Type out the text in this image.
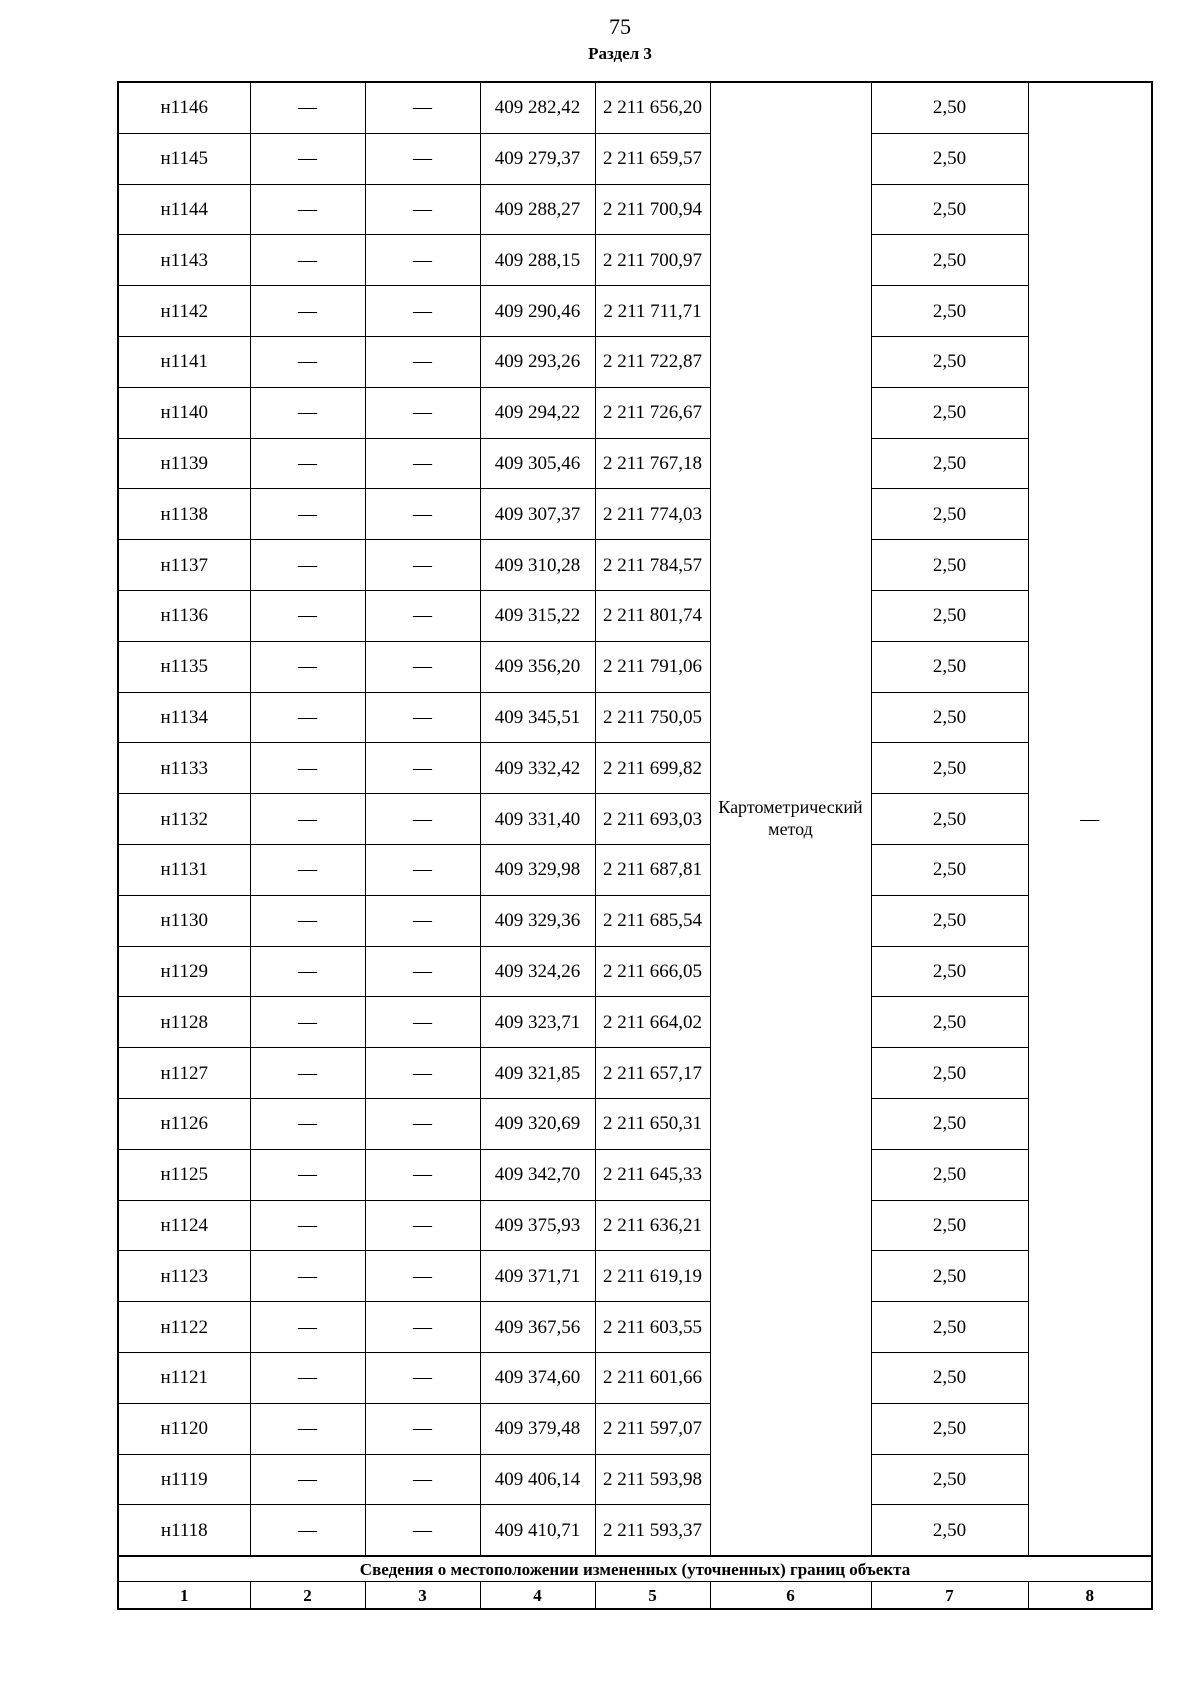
75
Раздел 3
н1146	—	—	409 282,42	2 211 656,20	Картометрический метод	2,50	—
н1145	—	—	409 279,37	2 211 659,57		2,50	
н1144	—	—	409 288,27	2 211 700,94		2,50	
н1143	—	—	409 288,15	2 211 700,97		2,50	
н1142	—	—	409 290,46	2 211 711,71		2,50	
н1141	—	—	409 293,26	2 211 722,87		2,50	
н1140	—	—	409 294,22	2 211 726,67		2,50	
н1139	—	—	409 305,46	2 211 767,18		2,50	
н1138	—	—	409 307,37	2 211 774,03		2,50	
н1137	—	—	409 310,28	2 211 784,57		2,50	
н1136	—	—	409 315,22	2 211 801,74		2,50	
н1135	—	—	409 356,20	2 211 791,06		2,50	
н1134	—	—	409 345,51	2 211 750,05		2,50	
н1133	—	—	409 332,42	2 211 699,82		2,50	
н1132	—	—	409 331,40	2 211 693,03		2,50	
н1131	—	—	409 329,98	2 211 687,81		2,50	
н1130	—	—	409 329,36	2 211 685,54		2,50	
н1129	—	—	409 324,26	2 211 666,05		2,50	
н1128	—	—	409 323,71	2 211 664,02		2,50	
н1127	—	—	409 321,85	2 211 657,17		2,50	
н1126	—	—	409 320,69	2 211 650,31		2,50	
н1125	—	—	409 342,70	2 211 645,33		2,50	
н1124	—	—	409 375,93	2 211 636,21		2,50	
н1123	—	—	409 371,71	2 211 619,19		2,50	
н1122	—	—	409 367,56	2 211 603,55		2,50	
н1121	—	—	409 374,60	2 211 601,66		2,50	
н1120	—	—	409 379,48	2 211 597,07		2,50	
н1119	—	—	409 406,14	2 211 593,98		2,50	
н1118	—	—	409 410,71	2 211 593,37		2,50	
Сведения о местоположении измененных (уточненных) границ объекта							
1	2	3	4	5	6	7	8
